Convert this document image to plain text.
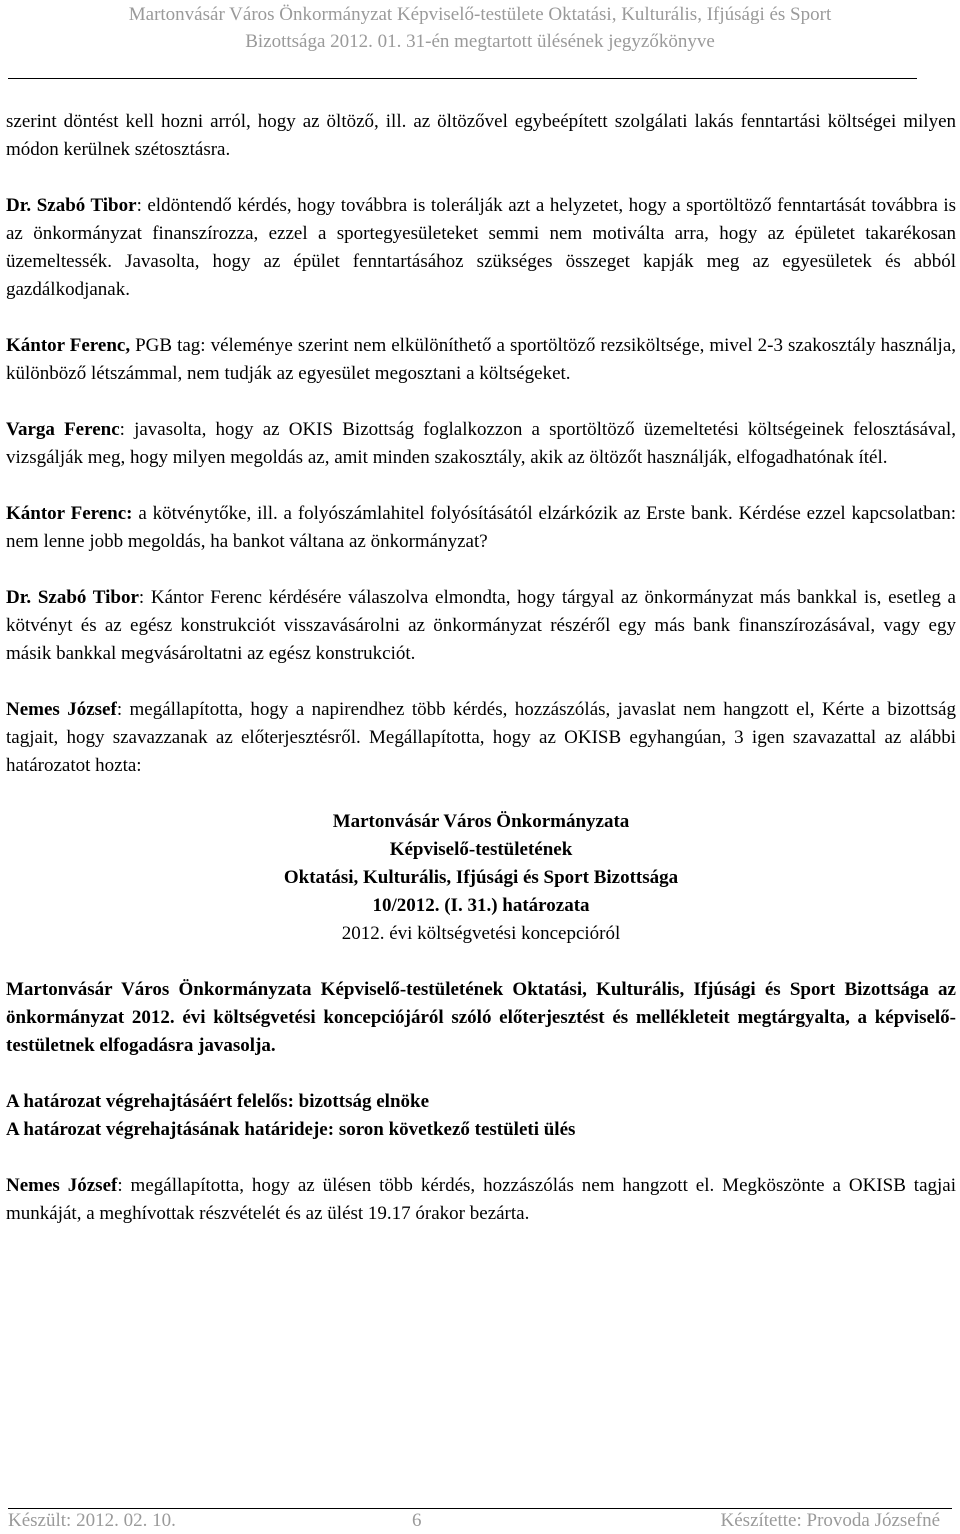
Martonvásár Város Önkormányzat Képviselő-testülete Oktatási, Kulturális, Ifjúsági és Sport
Bizottsága 2012. 01. 31-én megtartott ülésének jegyzőkönyve

szerint döntést kell hozni arról, hogy az öltöző, ill. az öltözővel egybeépített szolgálati lakás fenntartási költségei milyen módon kerülnek szétosztásra.

Dr. Szabó Tibor: eldöntendő kérdés, hogy továbbra is tolerálják azt a helyzetet, hogy a sportöltöző fenntartását továbbra is az önkormányzat finanszírozza, ezzel a sportegyesületeket semmi nem motiválta arra, hogy az épületet takarékosan üzemeltessék. Javasolta, hogy az épület fenntartásához szükséges összeget kapják meg az egyesületek és abból gazdálkodjanak.

Kántor Ferenc, PGB tag: véleménye szerint nem elkülöníthető a sportöltöző rezsiköltsége, mivel 2-3 szakosztály használja, különböző létszámmal, nem tudják az egyesület megosztani a költségeket.

Varga Ferenc: javasolta, hogy az OKIS Bizottság foglalkozzon a sportöltöző üzemeltetési költségeinek felosztásával, vizsgálják meg, hogy milyen megoldás az, amit minden szakosztály, akik az öltözőt használják, elfogadhatónak ítél.

Kántor Ferenc: a kötvénytőke, ill. a folyószámlahitel folyósításától elzárkózik az Erste bank. Kérdése ezzel kapcsolatban: nem lenne jobb megoldás, ha bankot váltana az önkormányzat?

Dr. Szabó Tibor: Kántor Ferenc kérdésére válaszolva elmondta, hogy tárgyal az önkormányzat más bankkal is, esetleg a kötvényt és az egész konstrukciót visszavásárolni az önkormányzat részéről egy más bank finanszírozásával, vagy egy másik bankkal megvásároltatni az egész konstrukciót.

Nemes József: megállapította, hogy a napirendhez több kérdés, hozzászólás, javaslat nem hangzott el, Kérte a bizottság tagjait, hogy szavazzanak az előterjesztésről. Megállapította, hogy az OKISB egyhangúan, 3 igen szavazattal az alábbi határozatot hozta:

Martonvásár Város Önkormányzata
Képviselő-testületének
Oktatási, Kulturális, Ifjúsági és Sport Bizottsága
10/2012. (I. 31.) határozata
2012. évi költségvetési koncepcióról

Martonvásár Város Önkormányzata Képviselő-testületének Oktatási, Kulturális, Ifjúsági és Sport Bizottsága az önkormányzat 2012. évi költségvetési koncepciójáról szóló előterjesztést és mellékleteit megtárgyalta, a képviselő-testületnek elfogadásra javasolja.

A határozat végrehajtásáért felelős: bizottság elnöke
A határozat végrehajtásának határideje: soron következő testületi ülés

Nemes József: megállapította, hogy az ülésen több kérdés, hozzászólás nem hangzott el. Megköszönte a OKISB tagjai munkáját, a meghívottak részvételét és az ülést 19.17 órakor bezárta.

Készült: 2012. 02. 10.	6	Készítette: Provoda Józsefné
